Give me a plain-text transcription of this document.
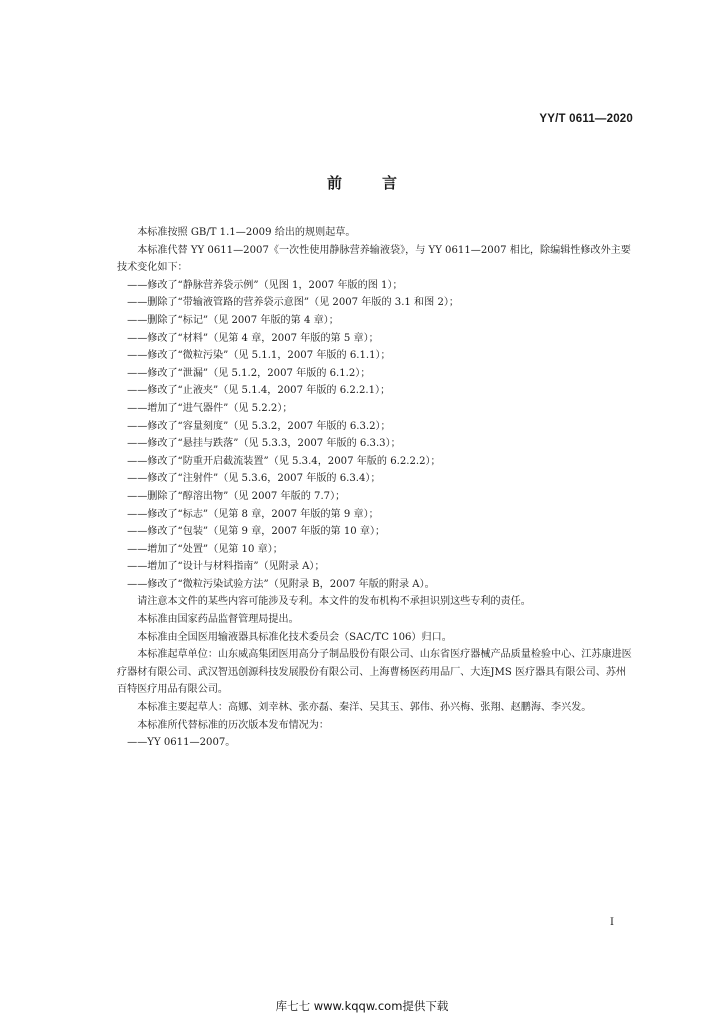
YY/T 0611—2020
前言

本标准按照 GB/T 1.1—2009 给出的规则起草。

本标准代替 YY 0611—2007《一次性使用静脉营养输液袋》，与 YY 0611—2007 相比，除编辑性修改外主要技术变化如下：

——修改了“静脉营养袋示例”（见图 1，2007 年版的图 1）；

——删除了“带输液管路的营养袋示意图”（见 2007 年版的 3.1 和图 2）；

——删除了“标记”（见 2007 年版的第 4 章）；

——修改了“材料”（见第 4 章，2007 年版的第 5 章）；

——修改了“微粒污染”（见 5.1.1，2007 年版的 6.1.1）；

——修改了“泄漏”（见 5.1.2，2007 年版的 6.1.2）；

——修改了“止液夹”（见 5.1.4，2007 年版的 6.2.2.1）；

——增加了“进气器件”（见 5.2.2）；

——修改了“容量刻度”（见 5.3.2，2007 年版的 6.3.2）；

——修改了“悬挂与跌落”（见 5.3.3，2007 年版的 6.3.3）；

——修改了“防重开启截流装置”（见 5.3.4，2007 年版的 6.2.2.2）；

——修改了“注射件”（见 5.3.6，2007 年版的 6.3.4）；

——删除了“醇溶出物”（见 2007 年版的 7.7）；

——修改了“标志”（见第 8 章，2007 年版的第 9 章）；

——修改了“包装”（见第 9 章，2007 年版的第 10 章）；

——增加了“处置”（见第 10 章）；

——增加了“设计与材料指南”（见附录 A）；

——修改了“微粒污染试验方法”（见附录 B，2007 年版的附录 A）。

请注意本文件的某些内容可能涉及专利。本文件的发布机构不承担识别这些专利的责任。

本标准由国家药品监督管理局提出。

本标准由全国医用输液器具标准化技术委员会（SAC/TC 106）归口。

本标准起草单位：山东威高集团医用高分子制品股份有限公司、山东省医疗器械产品质量检验中心、江苏康进医疗器材有限公司、武汉智迅创源科技发展股份有限公司、上海曹杨医药用品厂、大连JMS 医疗器具有限公司、苏州百特医疗用品有限公司。

本标准主要起草人：高娜、刘幸林、张亦磊、秦洋、吴其玉、郭伟、孙兴梅、张翔、赵鹏海、李兴发。

本标准所代替标准的历次版本发布情况为：

——YY 0611—2007。

I
库七七 www.kqqw.com提供下载
